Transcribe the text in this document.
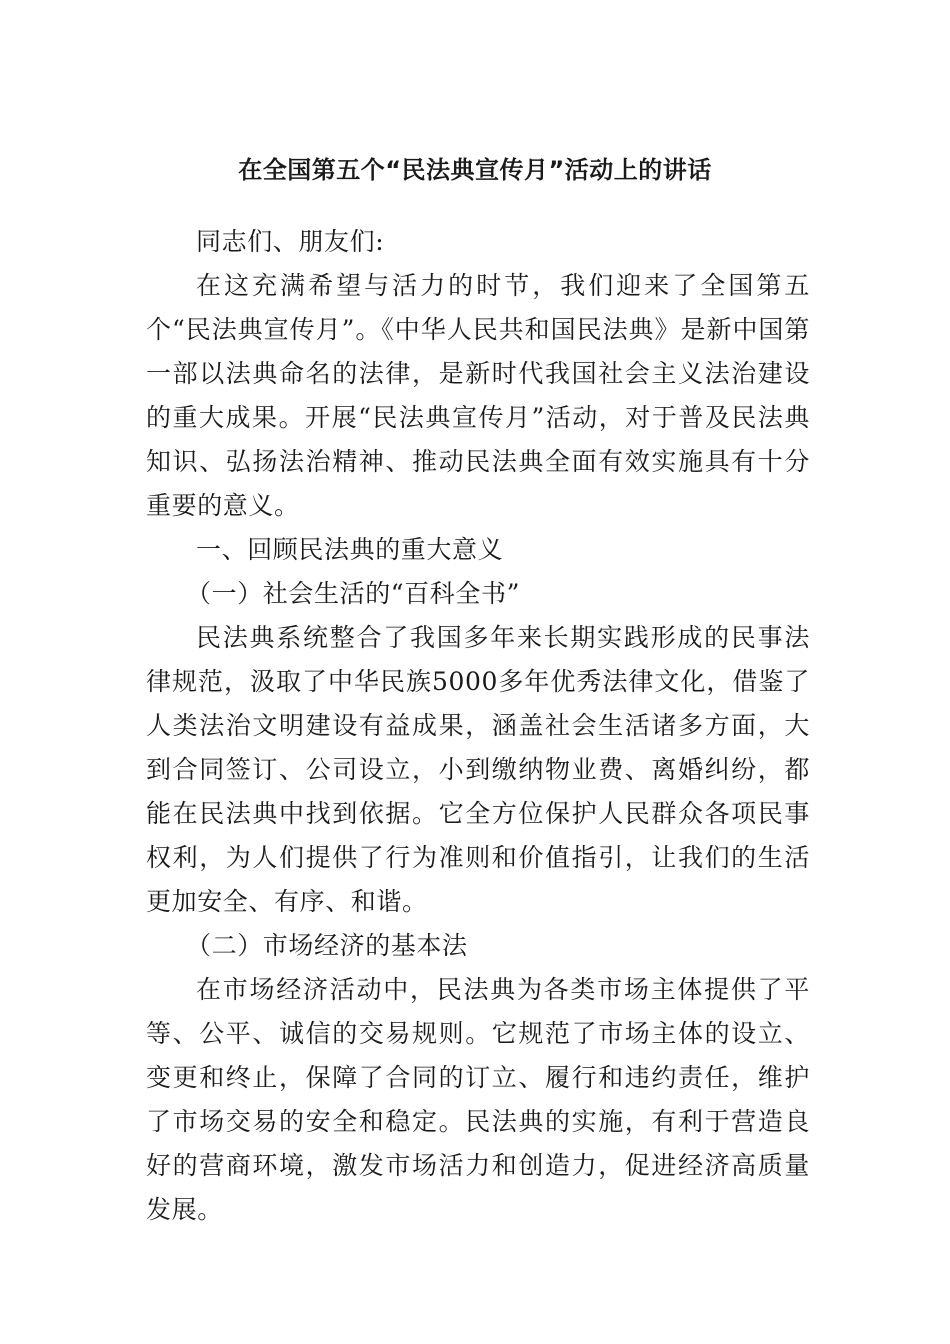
在全国第五个“民法典宣传月”活动上的讲话

同志们、朋友们:

在这充满希望与活力的时节，我们迎来了全国第五个“民法典宣传月”。《中华人民共和国民法典》是新中国第一部以法典命名的法律，是新时代我国社会主义法治建设的重大成果。开展“民法典宣传月”活动，对于普及民法典知识、弘扬法治精神、推动民法典全面有效实施具有十分重要的意义。

一、回顾民法典的重大意义

（一）社会生活的“百科全书”

民法典系统整合了我国多年来长期实践形成的民事法律规范，汲取了中华民族5000多年优秀法律文化，借鉴了人类法治文明建设有益成果，涵盖社会生活诸多方面，大到合同签订、公司设立，小到缴纳物业费、离婚纠纷，都能在民法典中找到依据。它全方位保护人民群众各项民事权利，为人们提供了行为准则和价值指引，让我们的生活更加安全、有序、和谐。

（二）市场经济的基本法

在市场经济活动中，民法典为各类市场主体提供了平等、公平、诚信的交易规则。它规范了市场主体的设立、变更和终止，保障了合同的订立、履行和违约责任，维护了市场交易的安全和稳定。民法典的实施，有利于营造良好的营商环境，激发市场活力和创造力，促进经济高质量发展。
